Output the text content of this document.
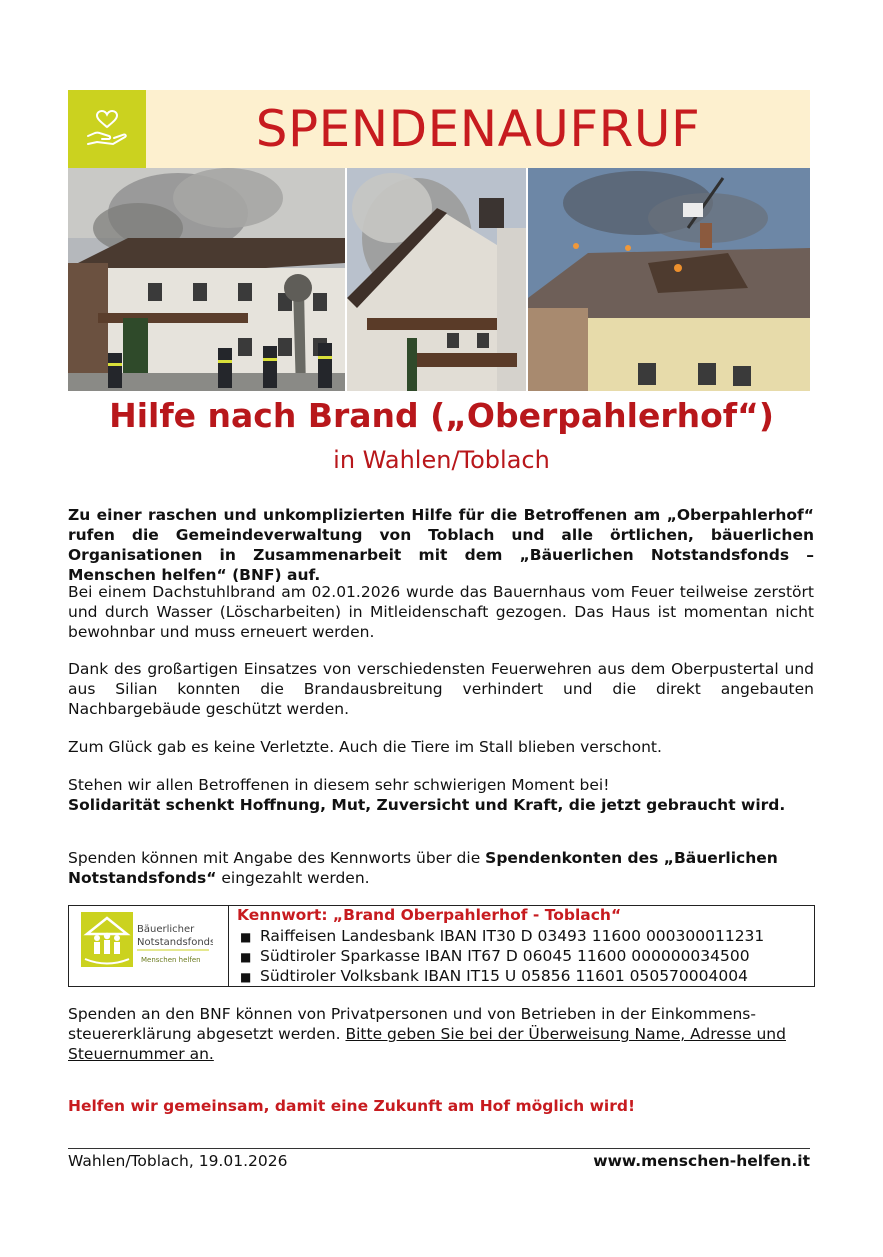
SPENDENAUFRUF
Hilfe nach Brand („Oberpahlerhof“)
in Wahlen/Toblach
Zu einer raschen und unkomplizierten Hilfe für die Betroffenen am „Oberpahlerhof“ rufen die Gemeindeverwaltung von Toblach und alle örtlichen, bäuerlichen Organisationen in Zusammenarbeit mit dem „Bäuerlichen Notstandsfonds – Menschen helfen“ (BNF) auf.
Bei einem Dachstuhlbrand am 02.01.2026 wurde das Bauernhaus vom Feuer teilweise zerstört und durch Wasser (Löscharbeiten) in Mitleidenschaft gezogen. Das Haus ist momentan nicht bewohnbar und muss erneuert werden.
Dank des großartigen Einsatzes von verschiedensten Feuerwehren aus dem Oberpustertal und aus Silian konnten die Brandausbreitung verhindert und die direkt angebauten Nachbargebäude geschützt werden.
Zum Glück gab es keine Verletzte. Auch die Tiere im Stall blieben verschont.
Stehen wir allen Betroffenen in diesem sehr schwierigen Moment bei!
Solidarität schenkt Hoffnung, Mut, Zuversicht und Kraft, die jetzt gebraucht wird.
Spenden können mit Angabe des Kennworts über die Spendenkonten des „Bäuerlichen Notstandsfonds“ eingezahlt werden.
Bäuerlicher
Notstandsfonds
Menschen helfen
Kennwort: „Brand Oberpahlerhof - Toblach“
■ Raiffeisen Landesbank IBAN IT30 D 03493 11600 000300011231
■ Südtiroler Sparkasse IBAN IT67 D 06045 11600 000000034500
■ Südtiroler Volksbank IBAN IT15 U 05856 11601 050570004004
Spenden an den BNF können von Privatpersonen und von Betrieben in der Einkommens-steuererklärung abgesetzt werden. Bitte geben Sie bei der Überweisung Name, Adresse und Steuernummer an.
Helfen wir gemeinsam, damit eine Zukunft am Hof möglich wird!
Wahlen/Toblach, 19.01.2026	www.menschen-helfen.it
